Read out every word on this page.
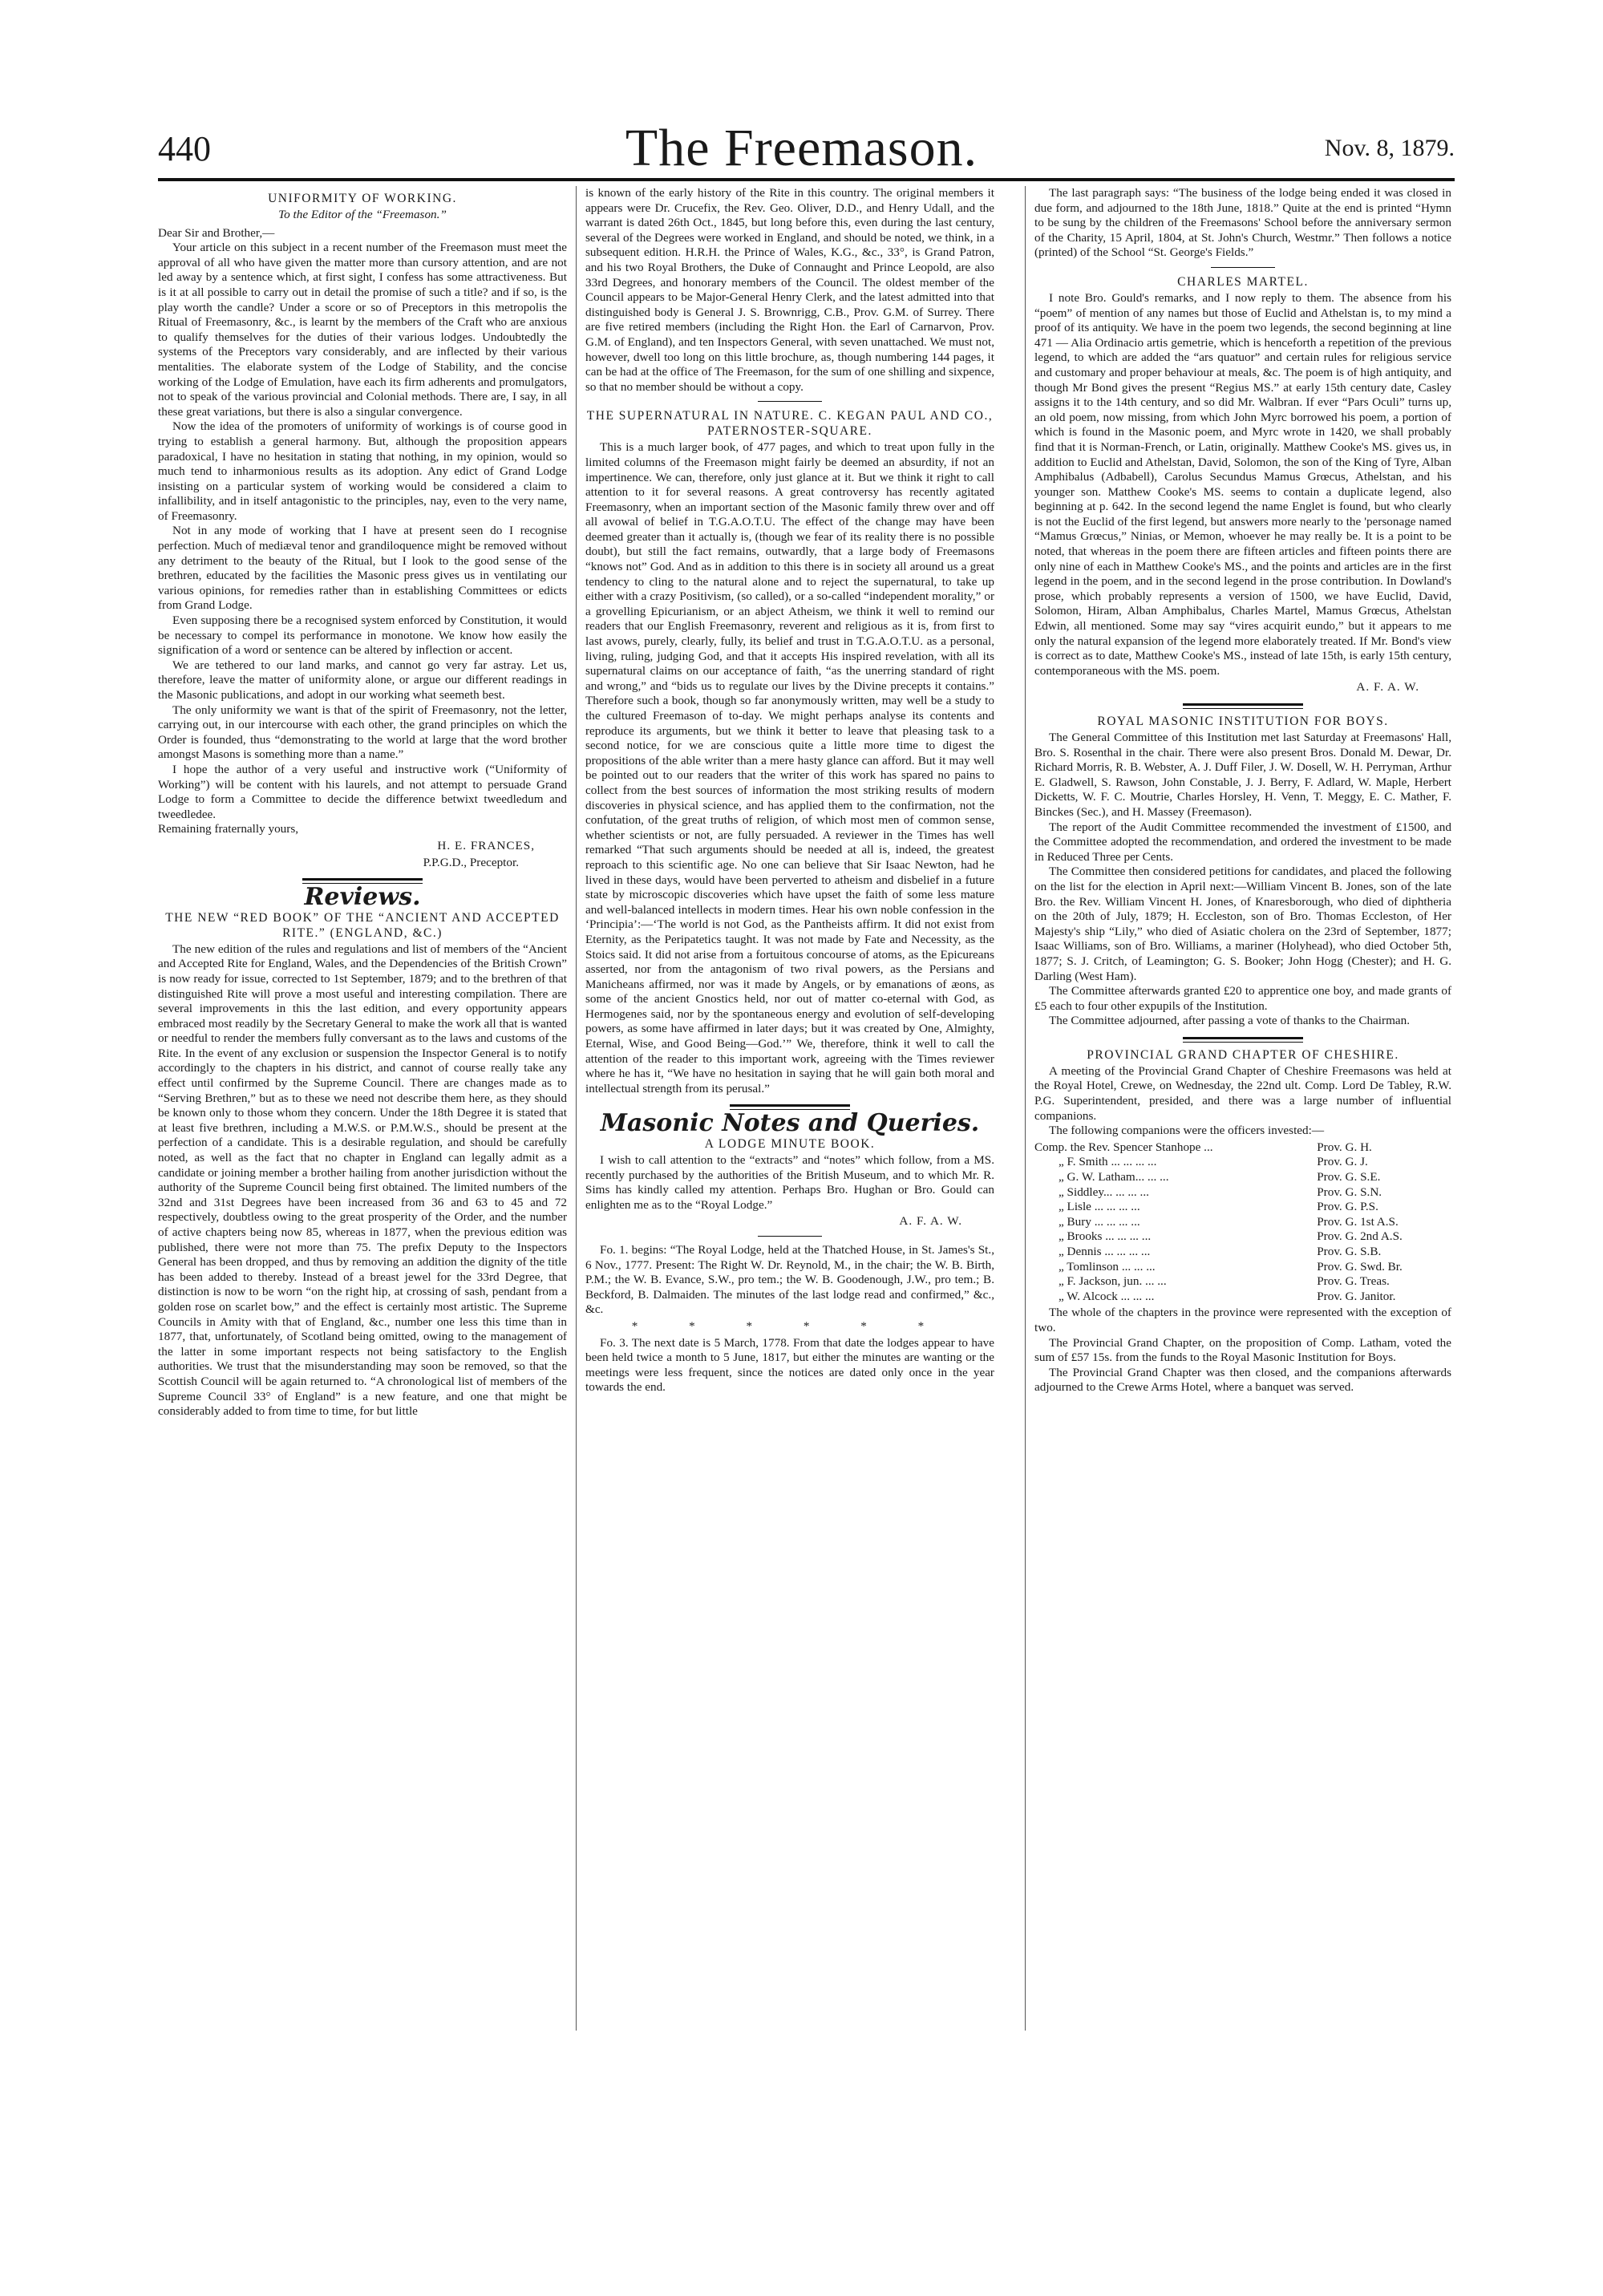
440	The Freemason.	Nov. 8, 1879.
UNIFORMITY OF WORKING.
To the Editor of the “Freemason.”

Dear Sir and Brother,—

Your article on this subject in a recent number of the Freemason must meet the approval of all who have given the matter more than cursory attention, and are not led away by a sentence which, at first sight, I confess has some attractiveness. But is it at all possible to carry out in detail the promise of such a title? and if so, is the play worth the candle? Under a score or so of Preceptors in this metropolis the Ritual of Freemasonry, &c., is learnt by the members of the Craft who are anxious to qualify themselves for the duties of their various lodges. Undoubtedly the systems of the Preceptors vary considerably, and are inflected by their various mentalities. The elaborate system of the Lodge of Stability, and the concise working of the Lodge of Emulation, have each its firm adherents and promulgators, not to speak of the various provincial and Colonial methods. There are, I say, in all these great variations, but there is also a singular convergence.

Now the idea of the promoters of uniformity of workings is of course good in trying to establish a general harmony. But, although the proposition appears paradoxical, I have no hesitation in stating that nothing, in my opinion, would so much tend to inharmonious results as its adoption. Any edict of Grand Lodge insisting on a particular system of working would be considered a claim to infallibility, and in itself antagonistic to the principles, nay, even to the very name, of Freemasonry.

Not in any mode of working that I have at present seen do I recognise perfection. Much of mediæval tenor and grandiloquence might be removed without any detriment to the beauty of the Ritual, but I look to the good sense of the brethren, educated by the facilities the Masonic press gives us in ventilating our various opinions, for remedies rather than in establishing Committees or edicts from Grand Lodge.

Even supposing there be a recognised system enforced by Constitution, it would be necessary to compel its performance in monotone. We know how easily the signification of a word or sentence can be altered by inflection or accent.

We are tethered to our land marks, and cannot go very far astray. Let us, therefore, leave the matter of uniformity alone, or argue our different readings in the Masonic publications, and adopt in our working what seemeth best.

The only uniformity we want is that of the spirit of Freemasonry, not the letter, carrying out, in our intercourse with each other, the grand principles on which the Order is founded, thus “demonstrating to the world at large that the word brother amongst Masons is something more than a name.”

I hope the author of a very useful and instructive work (“Uniformity of Working”) will be content with his laurels, and not attempt to persuade Grand Lodge to form a Committee to decide the difference betwixt tweedledum and tweedledee.

Remaining fraternally yours,

H. E. FRANCES,
P.P.G.D., Preceptor.
Reviews.
THE NEW “RED BOOK” OF THE “ANCIENT AND ACCEPTED RITE.” (ENGLAND, &C.)

The new edition of the rules and regulations and list of members of the “Ancient and Accepted Rite for England, Wales, and the Dependencies of the British Crown” is now ready for issue, corrected to 1st September, 1879; and to the brethren of that distinguished Rite will prove a most useful and interesting compilation. There are several improvements in this the last edition, and every opportunity appears embraced most readily by the Secretary General to make the work all that is wanted or needful to render the members fully conversant as to the laws and customs of the Rite. In the event of any exclusion or suspension the Inspector General is to notify accordingly to the chapters in his district, and cannot of course really take any effect until confirmed by the Supreme Council. There are changes made as to “Serving Brethren,” but as to these we need not describe them here, as they should be known only to those whom they concern. Under the 18th Degree it is stated that at least five brethren, including a M.W.S. or P.M.W.S., should be present at the perfection of a candidate. This is a desirable regulation, and should be carefully noted, as well as the fact that no chapter in England can legally admit as a candidate or joining member a brother hailing from another jurisdiction without the authority of the Supreme Council being first obtained. The limited numbers of the 32nd and 31st Degrees have been increased from 36 and 63 to 45 and 72 respectively, doubtless owing to the great prosperity of the Order, and the number of active chapters being now 85, whereas in 1877, when the previous edition was published, there were not more than 75. The prefix Deputy to the Inspectors General has been dropped, and thus by removing an addition the dignity of the title has been added to thereby. Instead of a breast jewel for the 33rd Degree, that distinction is now to be worn “on the right hip, at crossing of sash, pendant from a golden rose on scarlet bow,” and the effect is certainly most artistic. The Supreme Councils in Amity with that of England, &c., number one less this time than in 1877, that, unfortunately, of Scotland being omitted, owing to the management of the latter in some important respects not being satisfactory to the English authorities. We trust that the misunderstanding may soon be removed, so that the Scottish Council will be again returned to. “A chronological list of members of the Supreme Council 33° of England” is a new feature, and one that might be considerably added to from time to time, for but little

is known of the early history of the Rite in this country. The original members it appears were Dr. Crucefix, the Rev. Geo. Oliver, D.D., and Henry Udall, and the warrant is dated 26th Oct., 1845, but long before this, even during the last century, several of the Degrees were worked in England, and should be noted, we think, in a subsequent edition. H.R.H. the Prince of Wales, K.G., &c., 33°, is Grand Patron, and his two Royal Brothers, the Duke of Connaught and Prince Leopold, are also 33rd Degrees, and honorary members of the Council. The oldest member of the Council appears to be Major-General Henry Clerk, and the latest admitted into that distinguished body is General J. S. Brownrigg, C.B., Prov. G.M. of Surrey. There are five retired members (including the Right Hon. the Earl of Carnarvon, Prov. G.M. of England), and ten Inspectors General, with seven unattached. We must not, however, dwell too long on this little brochure, as, though numbering 144 pages, it can be had at the office of The Freemason, for the sum of one shilling and sixpence, so that no member should be without a copy.

THE SUPERNATURAL IN NATURE. C. KEGAN PAUL AND CO., PATERNOSTER-SQUARE.

This is a much larger book, of 477 pages, and which to treat upon fully in the limited columns of the Freemason might fairly be deemed an absurdity, if not an impertinence. We can, therefore, only just glance at it. But we think it right to call attention to it for several reasons. A great controversy has recently agitated Freemasonry, when an important section of the Masonic family threw over and off all avowal of belief in T.G.A.O.T.U. The effect of the change may have been deemed greater than it actually is, (though we fear of its reality there is no possible doubt), but still the fact remains, outwardly, that a large body of Freemasons “knows not” God. And as in addition to this there is in society all around us a great tendency to cling to the natural alone and to reject the supernatural, to take up either with a crazy Positivism, (so called), or a so-called “independent morality,” or a grovelling Epicurianism, or an abject Atheism, we think it well to remind our readers that our English Freemasonry, reverent and religious as it is, from first to last avows, purely, clearly, fully, its belief and trust in T.G.A.O.T.U. as a personal, living, ruling, judging God, and that it accepts His inspired revelation, with all its supernatural claims on our acceptance of faith, “as the unerring standard of right and wrong,” and “bids us to regulate our lives by the Divine precepts it contains.” Therefore such a book, though so far anonymously written, may well be a study to the cultured Freemason of to-day. We might perhaps analyse its contents and reproduce its arguments, but we think it better to leave that pleasing task to a second notice, for we are conscious quite a little more time to digest the propositions of the able writer than a mere hasty glance can afford. But it may well be pointed out to our readers that the writer of this work has spared no pains to collect from the best sources of information the most striking results of modern discoveries in physical science, and has applied them to the confirmation, not the confutation, of the great truths of religion, of which most men of common sense, whether scientists or not, are fully persuaded. A reviewer in the Times has well remarked “That such arguments should be needed at all is, indeed, the greatest reproach to this scientific age. No one can believe that Sir Isaac Newton, had he lived in these days, would have been perverted to atheism and disbelief in a future state by microscopic discoveries which have upset the faith of some less mature and well-balanced intellects in modern times. Hear his own noble confession in the ‘Principia’:—‘The world is not God, as the Pantheists affirm. It did not exist from Eternity, as the Peripatetics taught. It was not made by Fate and Necessity, as the Stoics said. It did not arise from a fortuitous concourse of atoms, as the Epicureans asserted, nor from the antagonism of two rival powers, as the Persians and Manicheans affirmed, nor was it made by Angels, or by emanations of æons, as some of the ancient Gnostics held, nor out of matter co-eternal with God, as Hermogenes said, nor by the spontaneous energy and evolution of self-developing powers, as some have affirmed in later days; but it was created by One, Almighty, Eternal, Wise, and Good Being—God.’” We, therefore, think it well to call the attention of the reader to this important work, agreeing with the Times reviewer where he has it, “We have no hesitation in saying that he will gain both moral and intellectual strength from its perusal.”

Masonic Notes and Queries.
A LODGE MINUTE BOOK.

I wish to call attention to the “extracts” and “notes” which follow, from a MS. recently purchased by the authorities of the British Museum, and to which Mr. R. Sims has kindly called my attention. Perhaps Bro. Hughan or Bro. Gould can enlighten me as to the “Royal Lodge.”

A. F. A. W.

Fo. 1. begins: “The Royal Lodge, held at the Thatched House, in St. James's St., 6 Nov., 1777. Present: The Right W. Dr. Reynold, M., in the chair; the W. B. Birth, P.M.; the W. B. Evance, S.W., pro tem.; the W. B. Goodenough, J.W., pro tem.; B. Beckford, B. Dalmaiden. The minutes of the last lodge read and confirmed,” &c., &c.

* * * * * *

Fo. 3. The next date is 5 March, 1778. From that date the lodges appear to have been held twice a month to 5 June, 1817, but either the minutes are wanting or the meetings were less frequent, since the notices are dated only once in the year towards the end.

The last paragraph says: “The business of the lodge being ended it was closed in due form, and adjourned to the 18th June, 1818.” Quite at the end is printed “Hymn to be sung by the children of the Freemasons' School before the anniversary sermon of the Charity, 15 April, 1804, at St. John's Church, Westmr.” Then follows a notice (printed) of the School “St. George's Fields.”

CHARLES MARTEL.

I note Bro. Gould's remarks, and I now reply to them. The absence from his “poem” of mention of any names but those of Euclid and Athelstan is, to my mind a proof of its antiquity. We have in the poem two legends, the second beginning at line 471 — Alia Ordinacio artis gemetrie, which is henceforth a repetition of the previous legend, to which are added the “ars quatuor” and certain rules for religious service and customary and proper behaviour at meals, &c. The poem is of high antiquity, and though Mr Bond gives the present “Regius MS.” at early 15th century date, Casley assigns it to the 14th century, and so did Mr. Walbran. If ever “Pars Oculi” turns up, an old poem, now missing, from which John Myrc borrowed his poem, a portion of which is found in the Masonic poem, and Myrc wrote in 1420, we shall probably find that it is Norman-French, or Latin, originally. Matthew Cooke's MS. gives us, in addition to Euclid and Athelstan, David, Solomon, the son of the King of Tyre, Alban Amphibalus (Adbabell), Carolus Secundus Mamus Grœcus, Athelstan, and his younger son. Matthew Cooke's MS. seems to contain a duplicate legend, also beginning at p. 642. In the second legend the name Englet is found, but who clearly is not the Euclid of the first legend, but answers more nearly to the 'personage named “Mamus Grœcus,” Ninias, or Memon, whoever he may really be. It is a point to be noted, that whereas in the poem there are fifteen articles and fifteen points there are only nine of each in Matthew Cooke's MS., and the points and articles are in the first legend in the poem, and in the second legend in the prose contribution. In Dowland's prose, which probably represents a version of 1500, we have Euclid, David, Solomon, Hiram, Alban Amphibalus, Charles Martel, Mamus Grœcus, Athelstan Edwin, all mentioned. Some may say “vires acquirit eundo,” but it appears to me only the natural expansion of the legend more elaborately treated. If Mr. Bond's view is correct as to date, Matthew Cooke's MS., instead of late 15th, is early 15th century, contemporaneous with the MS. poem.

A. F. A. W.
ROYAL MASONIC INSTITUTION FOR BOYS.

The General Committee of this Institution met last Saturday at Freemasons' Hall, Bro. S. Rosenthal in the chair. There were also present Bros. Donald M. Dewar, Dr. Richard Morris, R. B. Webster, A. J. Duff Filer, J. W. Dosell, W. H. Perryman, Arthur E. Gladwell, S. Rawson, John Constable, J. J. Berry, F. Adlard, W. Maple, Herbert Dicketts, W. F. C. Moutrie, Charles Horsley, H. Venn, T. Meggy, E. C. Mather, F. Binckes (Sec.), and H. Massey (Freemason).

The report of the Audit Committee recommended the investment of £1500, and the Committee adopted the recommendation, and ordered the investment to be made in Reduced Three per Cents.

The Committee then considered petitions for candidates, and placed the following on the list for the election in April next:—William Vincent B. Jones, son of the late Bro. the Rev. William Vincent H. Jones, of Knaresborough, who died of diphtheria on the 20th of July, 1879; H. Eccleston, son of Bro. Thomas Eccleston, of Her Majesty's ship “Lily,” who died of Asiatic cholera on the 23rd of September, 1877; Isaac Williams, son of Bro. Williams, a mariner (Holyhead), who died October 5th, 1877; S. J. Critch, of Leamington; G. S. Booker; John Hogg (Chester); and H. G. Darling (West Ham).

The Committee afterwards granted £20 to apprentice one boy, and made grants of £5 each to four other expupils of the Institution.

The Committee adjourned, after passing a vote of thanks to the Chairman.

PROVINCIAL GRAND CHAPTER OF CHESHIRE.

A meeting of the Provincial Grand Chapter of Cheshire Freemasons was held at the Royal Hotel, Crewe, on Wednesday, the 22nd ult. Comp. Lord De Tabley, R.W. P.G. Superintendent, presided, and there was a large number of influential companions.

The following companions were the officers invested:—

Comp. the Rev. Spencer Stanhope ...	Prov. G. H.
„ F. Smith ... ... ... ...	Prov. G. J.
„ G. W. Latham... ... ...	Prov. G. S.E.
„ Siddley... ... ... ...	Prov. G. S.N.
„ Lisle ... ... ... ...	Prov. G. P.S.
„ Bury ... ... ... ...	Prov. G. 1st A.S.
„ Brooks ... ... ... ...	Prov. G. 2nd A.S.
„ Dennis ... ... ... ...	Prov. G. S.B.
„ Tomlinson ... ... ...	Prov. G. Swd. Br.
„ F. Jackson, jun. ... ...	Prov. G. Treas.
„ W. Alcock ... ... ...	Prov. G. Janitor.

The whole of the chapters in the province were represented with the exception of two.

The Provincial Grand Chapter, on the proposition of Comp. Latham, voted the sum of £57 15s. from the funds to the Royal Masonic Institution for Boys.

The Provincial Grand Chapter was then closed, and the companions afterwards adjourned to the Crewe Arms Hotel, where a banquet was served.
